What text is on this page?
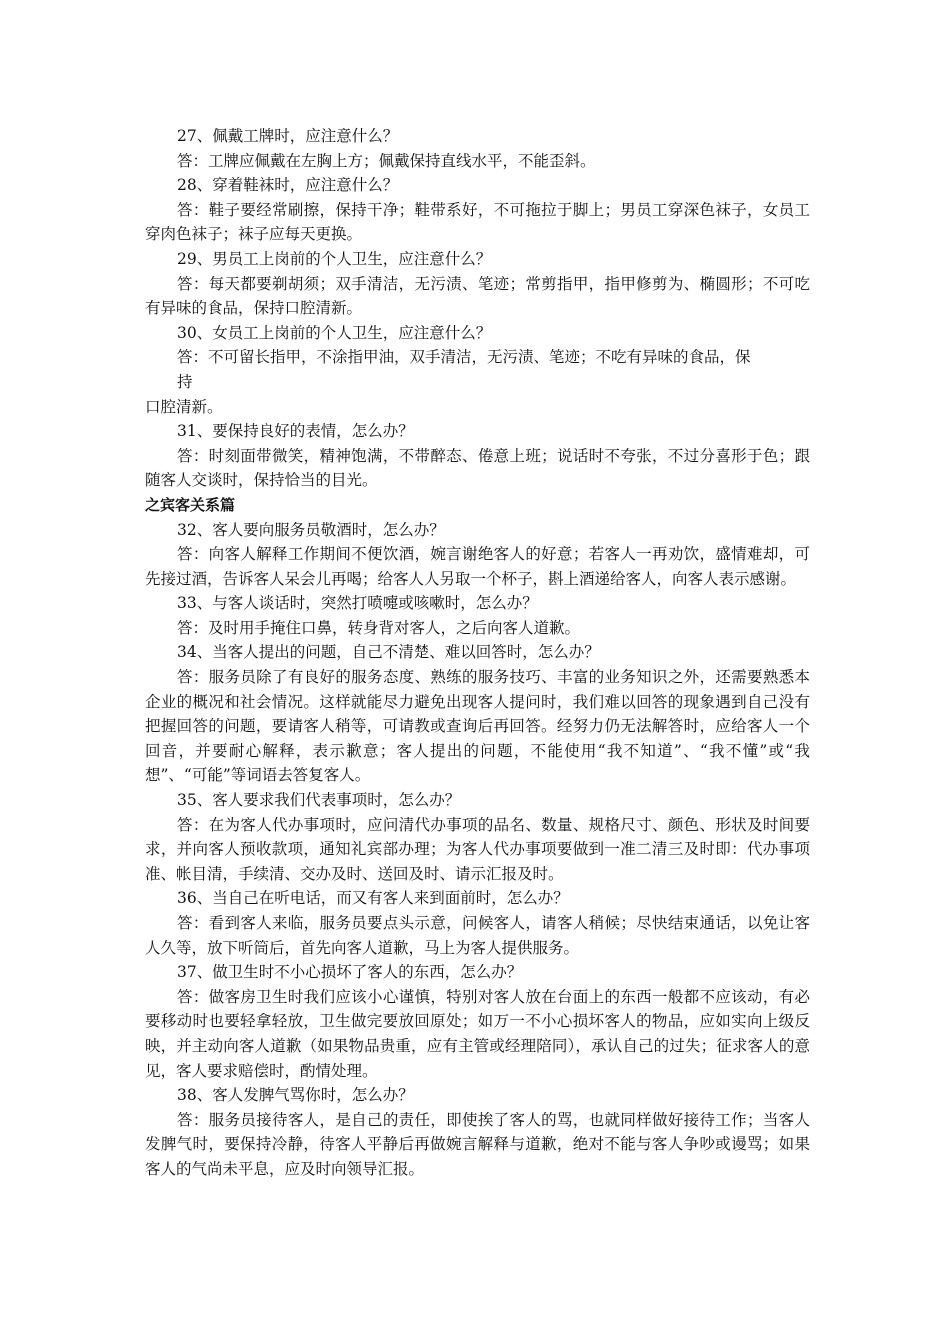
27、佩戴工牌时，应注意什么？

答：工牌应佩戴在左胸上方；佩戴保持直线水平，不能歪斜。

28、穿着鞋袜时，应注意什么？

答：鞋子要经常刷擦，保持干净；鞋带系好，不可拖拉于脚上；男员工穿深色袜子，女员工穿肉色袜子；袜子应每天更换。

29、男员工上岗前的个人卫生，应注意什么？

答：每天都要剃胡须；双手清洁，无污渍、笔迹；常剪指甲，指甲修剪为、椭圆形；不可吃有异味的食品，保持口腔清新。

30、女员工上岗前的个人卫生，应注意什么？

答：不可留长指甲，不涂指甲油，双手清洁，无污渍、笔迹；不吃有异味的食品，保

持

口腔清新。

31、要保持良好的表情，怎么办？

答：时刻面带微笑，精神饱满，不带醉态、倦意上班；说话时不夸张，不过分喜形于色；跟随客人交谈时，保持恰当的目光。

之宾客关系篇

32、客人要向服务员敬酒时，怎么办？

答：向客人解释工作期间不便饮酒，婉言谢绝客人的好意；若客人一再劝饮，盛情难却，可先接过酒，告诉客人呆会儿再喝；给客人人另取一个杯子，斟上酒递给客人，向客人表示感谢。

33、与客人谈话时，突然打喷嚏或咳嗽时，怎么办？

答：及时用手掩住口鼻，转身背对客人，之后向客人道歉。

34、当客人提出的问题，自己不清楚、难以回答时，怎么办？

答：服务员除了有良好的服务态度、熟练的服务技巧、丰富的业务知识之外，还需要熟悉本企业的概况和社会情况。这样就能尽力避免出现客人提问时，我们难以回答的现象遇到自己没有把握回答的问题，要请客人稍等，可请教或查询后再回答。经努力仍无法解答时，应给客人一个回音，并要耐心解释，表示歉意；客人提出的问题，不能使用“我不知道”、“我不懂”或“我想”、“可能”等词语去答复客人。

35、客人要求我们代表事项时，怎么办？

答：在为客人代办事项时，应问清代办事项的品名、数量、规格尺寸、颜色、形状及时间要求，并向客人预收款项，通知礼宾部办理；为客人代办事项要做到一准二清三及时即：代办事项准、帐目清，手续清、交办及时、送回及时、请示汇报及时。

36、当自己在听电话，而又有客人来到面前时，怎么办？

答：看到客人来临，服务员要点头示意，问候客人，请客人稍候；尽快结束通话，以免让客人久等，放下听筒后，首先向客人道歉，马上为客人提供服务。

37、做卫生时不小心损坏了客人的东西，怎么办？

答：做客房卫生时我们应该小心谨慎，特别对客人放在台面上的东西一般都不应该动，有必要移动时也要轻拿轻放，卫生做完要放回原处；如万一不小心损坏客人的物品，应如实向上级反映，并主动向客人道歉（如果物品贵重，应有主管或经理陪同），承认自己的过失；征求客人的意见，客人要求赔偿时，酌情处理。

38、客人发脾气骂你时，怎么办？

答：服务员接待客人，是自己的责任，即使挨了客人的骂，也就同样做好接待工作；当客人发脾气时，要保持冷静，待客人平静后再做婉言解释与道歉，绝对不能与客人争吵或谩骂；如果客人的气尚未平息，应及时向领导汇报。
